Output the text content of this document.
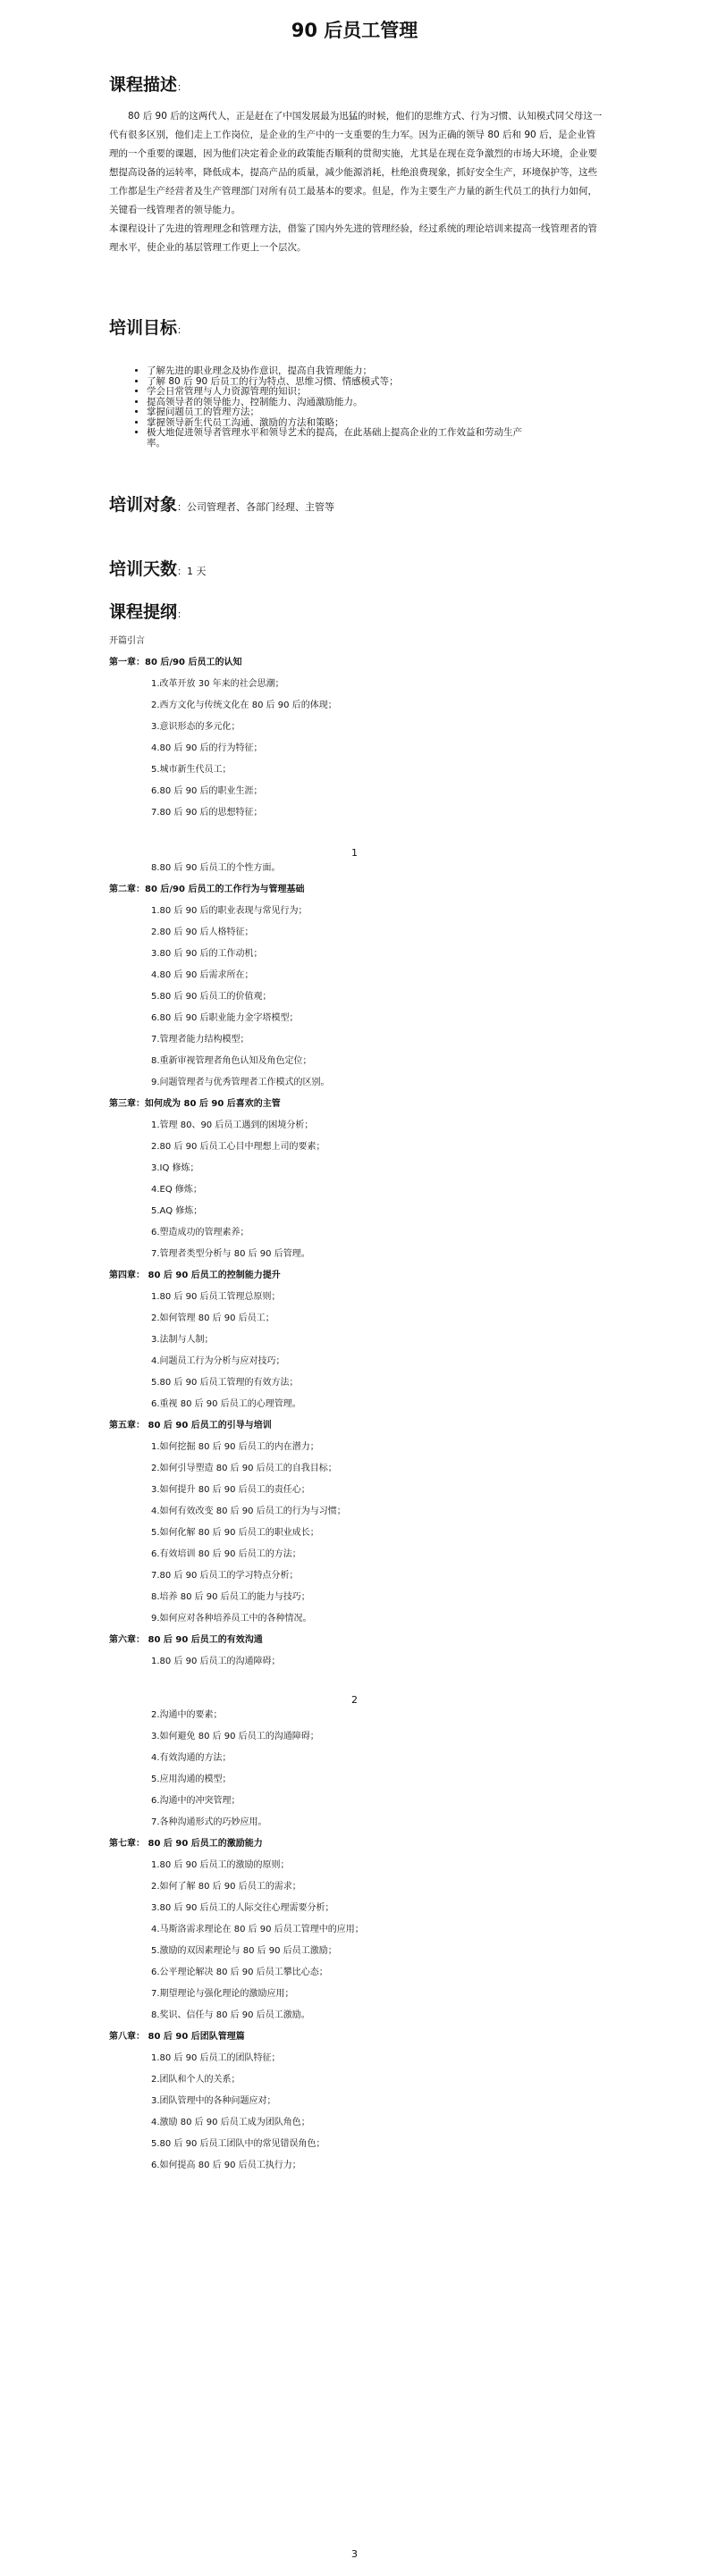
90 后员工管理
课程描述：

80 后 90 后的这两代人，正是赶在了中国发展最为迅猛的时候，他们的思维方式、行为习惯、认知模式同父母这一代有很多区别，他们走上工作岗位，是企业的生产中的一支重要的生力军。因为正确的领导 80 后和 90 后，是企业管理的一个重要的课题，因为他们决定着企业的政策能否顺利的贯彻实施，尤其是在现在竞争激烈的市场大环境，企业要想提高设备的运转率，降低成本，提高产品的质量，减少能源消耗，杜绝浪费现象，抓好安全生产，环境保护等，这些工作都是生产经营者及生产管理部门对所有员工最基本的要求。但是，作为主要生产力量的新生代员工的执行力如何，关键看一线管理者的领导能力。

本课程设计了先进的管理理念和管理方法，借鉴了国内外先进的管理经验，经过系统的理论培训来提高一线管理者的管理水平，使企业的基层管理工作更上一个层次。

培训目标：
• 了解先进的职业理念及协作意识，提高自我管理能力；
• 了解 80 后 90 后员工的行为特点、思维习惯、情感模式等；
• 学会日常管理与人力资源管理的知识；
• 提高领导者的领导能力、控制能力、沟通激励能力。
• 掌握问题员工的管理方法；
• 掌握领导新生代员工沟通、激励的方法和策略；
• 极大地促进领导者管理水平和领导艺术的提高，在此基础上提高企业的工作效益和劳动生产率。
培训对象：公司管理者、各部门经理、主管等
培训天数：1 天
课程提纲：
开篇引言
第一章：80 后/90 后员工的认知
1.改革开放 30 年来的社会思潮；
2.西方文化与传统文化在 80 后 90 后的体现；
3.意识形态的多元化；
4.80 后 90 后的行为特征；
5.城市新生代员工；
6.80 后 90 后的职业生涯；
7.80 后 90 后的思想特征；
1
8.80 后 90 后员工的个性方面。
第二章：80 后/90 后员工的工作行为与管理基础
1.80 后 90 后的职业表现与常见行为；
2.80 后 90 后人格特征；
3.80 后 90 后的工作动机；
4.80 后 90 后需求所在；
5.80 后 90 后员工的价值观；
6.80 后 90 后职业能力金字塔模型；
7.管理者能力结构模型；
8.重新审视管理者角色认知及角色定位；
9.问题管理者与优秀管理者工作模式的区别。
第三章：如何成为 80 后 90 后喜欢的主管
1.管理 80、90 后员工遇到的困境分析；
2.80 后 90 后员工心目中理想上司的要素；
3.IQ 修炼；
4.EQ 修炼；
5.AQ 修炼；
6.塑造成功的管理素养；
7.管理者类型分析与 80 后 90 后管理。
第四章： 80 后 90 后员工的控制能力提升
1.80 后 90 后员工管理总原则；
2.如何管理 80 后 90 后员工；
3.法制与人制；
4.问题员工行为分析与应对技巧；
5.80 后 90 后员工管理的有效方法；
6.重视 80 后 90 后员工的心理管理。
第五章： 80 后 90 后员工的引导与培训
1.如何挖掘 80 后 90 后员工的内在潜力；
2.如何引导塑造 80 后 90 后员工的自我目标；
3.如何提升 80 后 90 后员工的责任心；
4.如何有效改变 80 后 90 后员工的行为与习惯；
5.如何化解 80 后 90 后员工的职业成长；
6.有效培训 80 后 90 后员工的方法；
7.80 后 90 后员工的学习特点分析；
8.培养 80 后 90 后员工的能力与技巧；
9.如何应对各种培养员工中的各种情况。
第六章： 80 后 90 后员工的有效沟通
1.80 后 90 后员工的沟通障碍；
2
2.沟通中的要素；
3.如何避免 80 后 90 后员工的沟通障碍；
4.有效沟通的方法；
5.应用沟通的模型；
6.沟通中的冲突管理；
7.各种沟通形式的巧妙应用。
第七章： 80 后 90 后员工的激励能力
1.80 后 90 后员工的激励的原则；
2.如何了解 80 后 90 后员工的需求；
3.80 后 90 后员工的人际交往心理需要分析；
4.马斯洛需求理论在 80 后 90 后员工管理中的应用；
5.激励的双因素理论与 80 后 90 后员工激励；
6.公平理论解决 80 后 90 后员工攀比心态；
7.期望理论与强化理论的激励应用；
8.奖识、信任与 80 后 90 后员工激励。
第八章： 80 后 90 后团队管理篇
1.80 后 90 后员工的团队特征；
2.团队和个人的关系；
3.团队管理中的各种问题应对；
4.激励 80 后 90 后员工成为团队角色；
5.80 后 90 后员工团队中的常见错误角色；
6.如何提高 80 后 90 后员工执行力；
3
